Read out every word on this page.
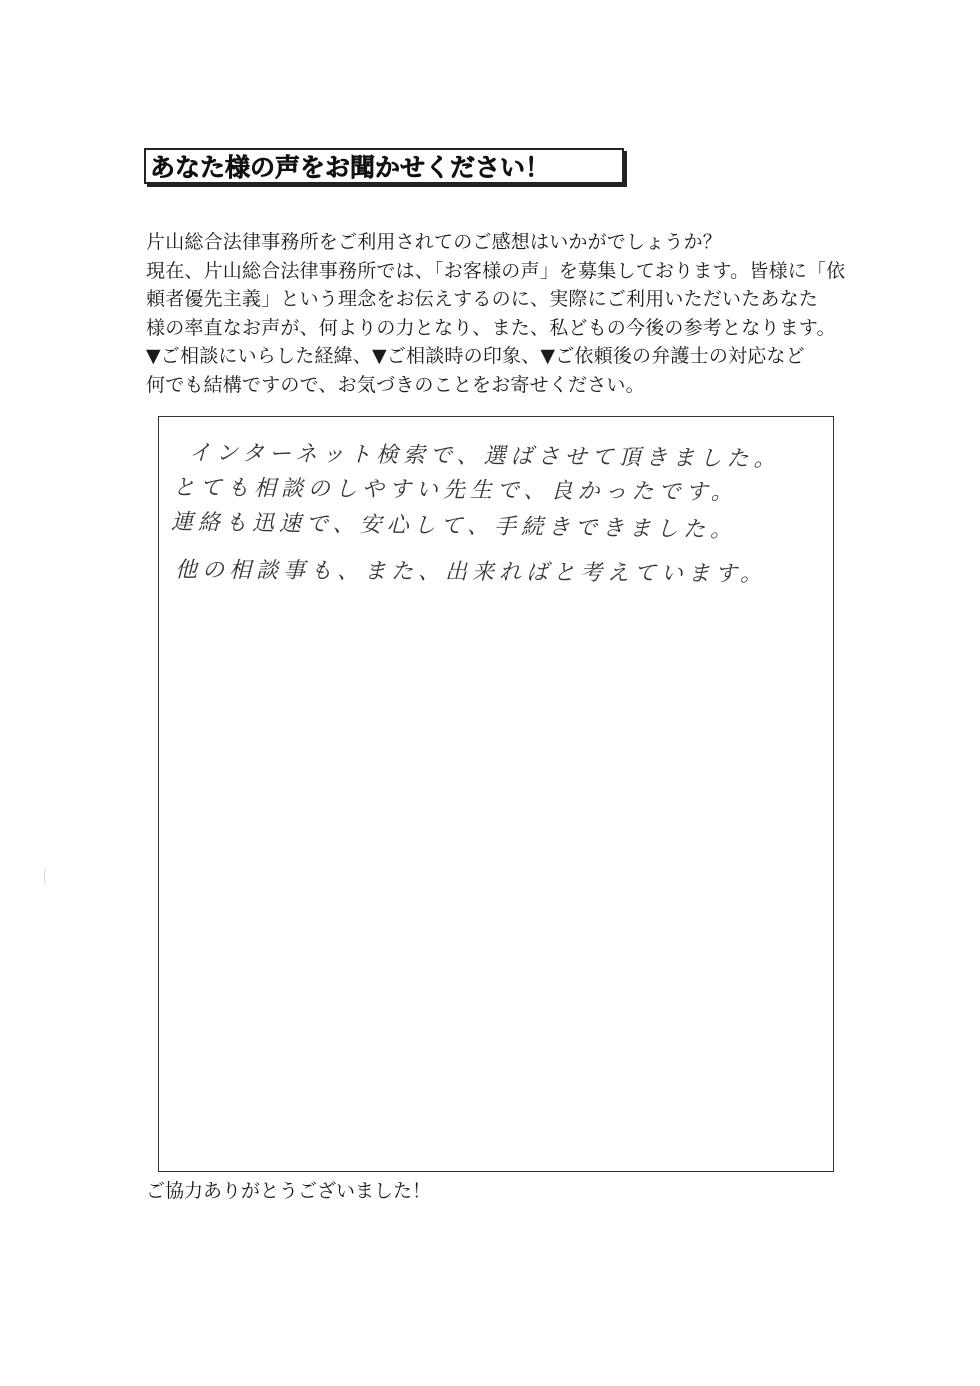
あなた様の声をお聞かせください！
片山総合法律事務所をご利用されてのご感想はいかがでしょうか？
現在、片山総合法律事務所では、「お客様の声」を募集しております。皆様に「依
頼者優先主義」という理念をお伝えするのに、実際にご利用いただいたあなた
様の率直なお声が、何よりの力となり、また、私どもの今後の参考となります。
▼ご相談にいらした経緯、▼ご相談時の印象、▼ご依頼後の弁護士の対応など
何でも結構ですので、お気づきのことをお寄せください。
インターネット検索で、選ばさせて頂きました。
とても相談のしやすい先生で、良かったです。
連絡も迅速で、安心して、手続きできました。
他の相談事も、また、出来ればと考えています。
ご協力ありがとうございました！
